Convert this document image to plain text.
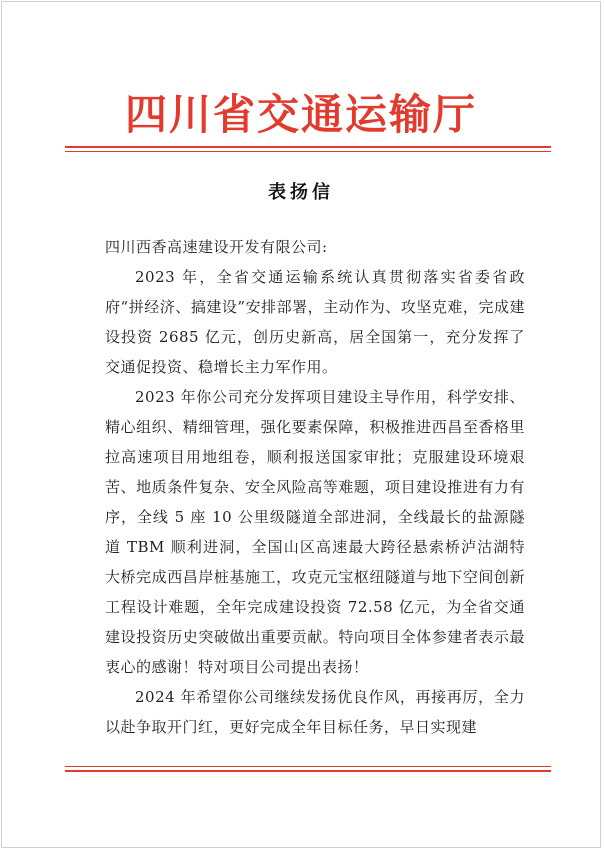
四川省交通运输厅
表扬信

四川西香高速建设开发有限公司:

2023 年，全省交通运输系统认真贯彻落实省委省政府“拼经济、搞建设”安排部署，主动作为、攻坚克难，完成建设投资 2685 亿元，创历史新高，居全国第一，充分发挥了交通促投资、稳增长主力军作用。

2023 年你公司充分发挥项目建设主导作用，科学安排、精心组织、精细管理，强化要素保障，积极推进西昌至香格里拉高速项目用地组卷，顺利报送国家审批；克服建设环境艰苦、地质条件复杂、安全风险高等难题，项目建设推进有力有序，全线 5 座 10 公里级隧道全部进洞，全线最长的盐源隧道 TBM 顺利进洞，全国山区高速最大跨径悬索桥泸沽湖特大桥完成西昌岸桩基施工，攻克元宝枢纽隧道与地下空间创新工程设计难题，全年完成建设投资 72.58 亿元，为全省交通建设投资历史突破做出重要贡献。特向项目全体参建者表示最衷心的感谢！特对项目公司提出表扬！

2024 年希望你公司继续发扬优良作风，再接再厉，全力以赴争取开门红，更好完成全年目标任务，早日实现建
